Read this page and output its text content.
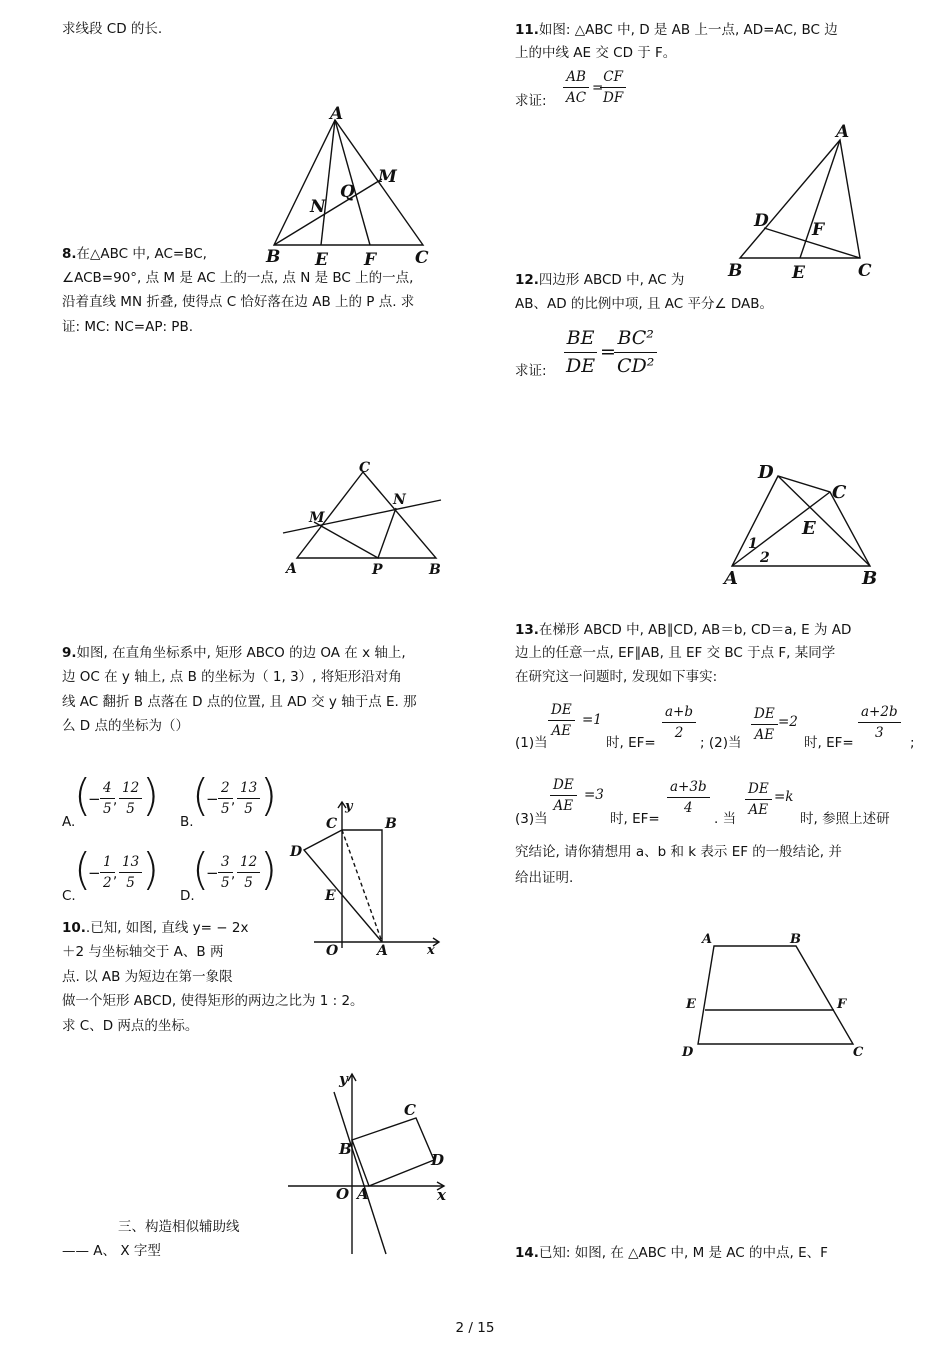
求线段 CD 的长.
A
B E F C
M
N
Q
8.在△ABC 中, AC=BC,
∠ACB=90°, 点 M 是 AC 上的一点, 点 N 是 BC 上的一点,
沿着直线 MN 折叠, 使得点 C 恰好落在边 AB 上的 P 点. 求
证: MC: NC=AP: PB.
C
A	P	B
M
N
9.如图, 在直角坐标系中, 矩形 ABCO 的边 OA 在 x 轴上,
边 OC 在 y 轴上, 点 B 的坐标为（ 1, 3）, 将矩形沿对角
线 AC 翻折 B 点落在 D 点的位置, 且 AD 交 y 轴于点 E. 那
么 D 点的坐标为（）
A.
(
−
4
5
,
12
5 )
B.
(
−
2
5
,
13
5 )
C.
(
−
1
2
,
13
5 )
D.
(
−
3
5
,
12
5 )
y
x
C	B
D
E
O	A
10..已知, 如图, 直线 y= − 2x
＋2 与坐标轴交于 A、B 两
点. 以 AB 为短边在第一象限
做一个矩形 ABCD, 使得矩形的两边之比为 1 : 2。
求 C、D 两点的坐标。
y
x
B
C
D
O A
三、构造相似辅助线
—— A、 X 字型
11.如图: △ABC 中, D 是 AB 上一点, AD=AC, BC 边
上的中线 AE 交 CD 于 F。
求证:
AB
AC
=
CF
DF
A
D	F
B	E	C
12.四边形 ABCD 中, AC 为
AB、AD 的比例中项, 且 AC 平分∠ DAB。
求证:
BE
DE
=
BC²
CD²
D
C
E
1
2
A	B
13.在梯形 ABCD 中, AB∥CD, AB＝b, CD＝a, E 为 AD
边上的任意一点, EF∥AB, 且 EF 交 BC 于点 F, 某同学
在研究这一问题时, 发现如下事实:
(1)当
DE
AE
=1
时, EF=
a+b
2
; (2)当
DE
AE
=2
时, EF=
a+2b
3
;
(3)当
DE
AE
=3
时, EF=
a+3b
4
. 当
DE
AE
=k
时, 参照上述研
究结论, 请你猜想用 a、b 和 k 表示 EF 的一般结论, 并
给出证明.
A	B
E	F
D	C
14.已知: 如图, 在 △ABC 中, M 是 AC 的中点, E、F
2 / 15
